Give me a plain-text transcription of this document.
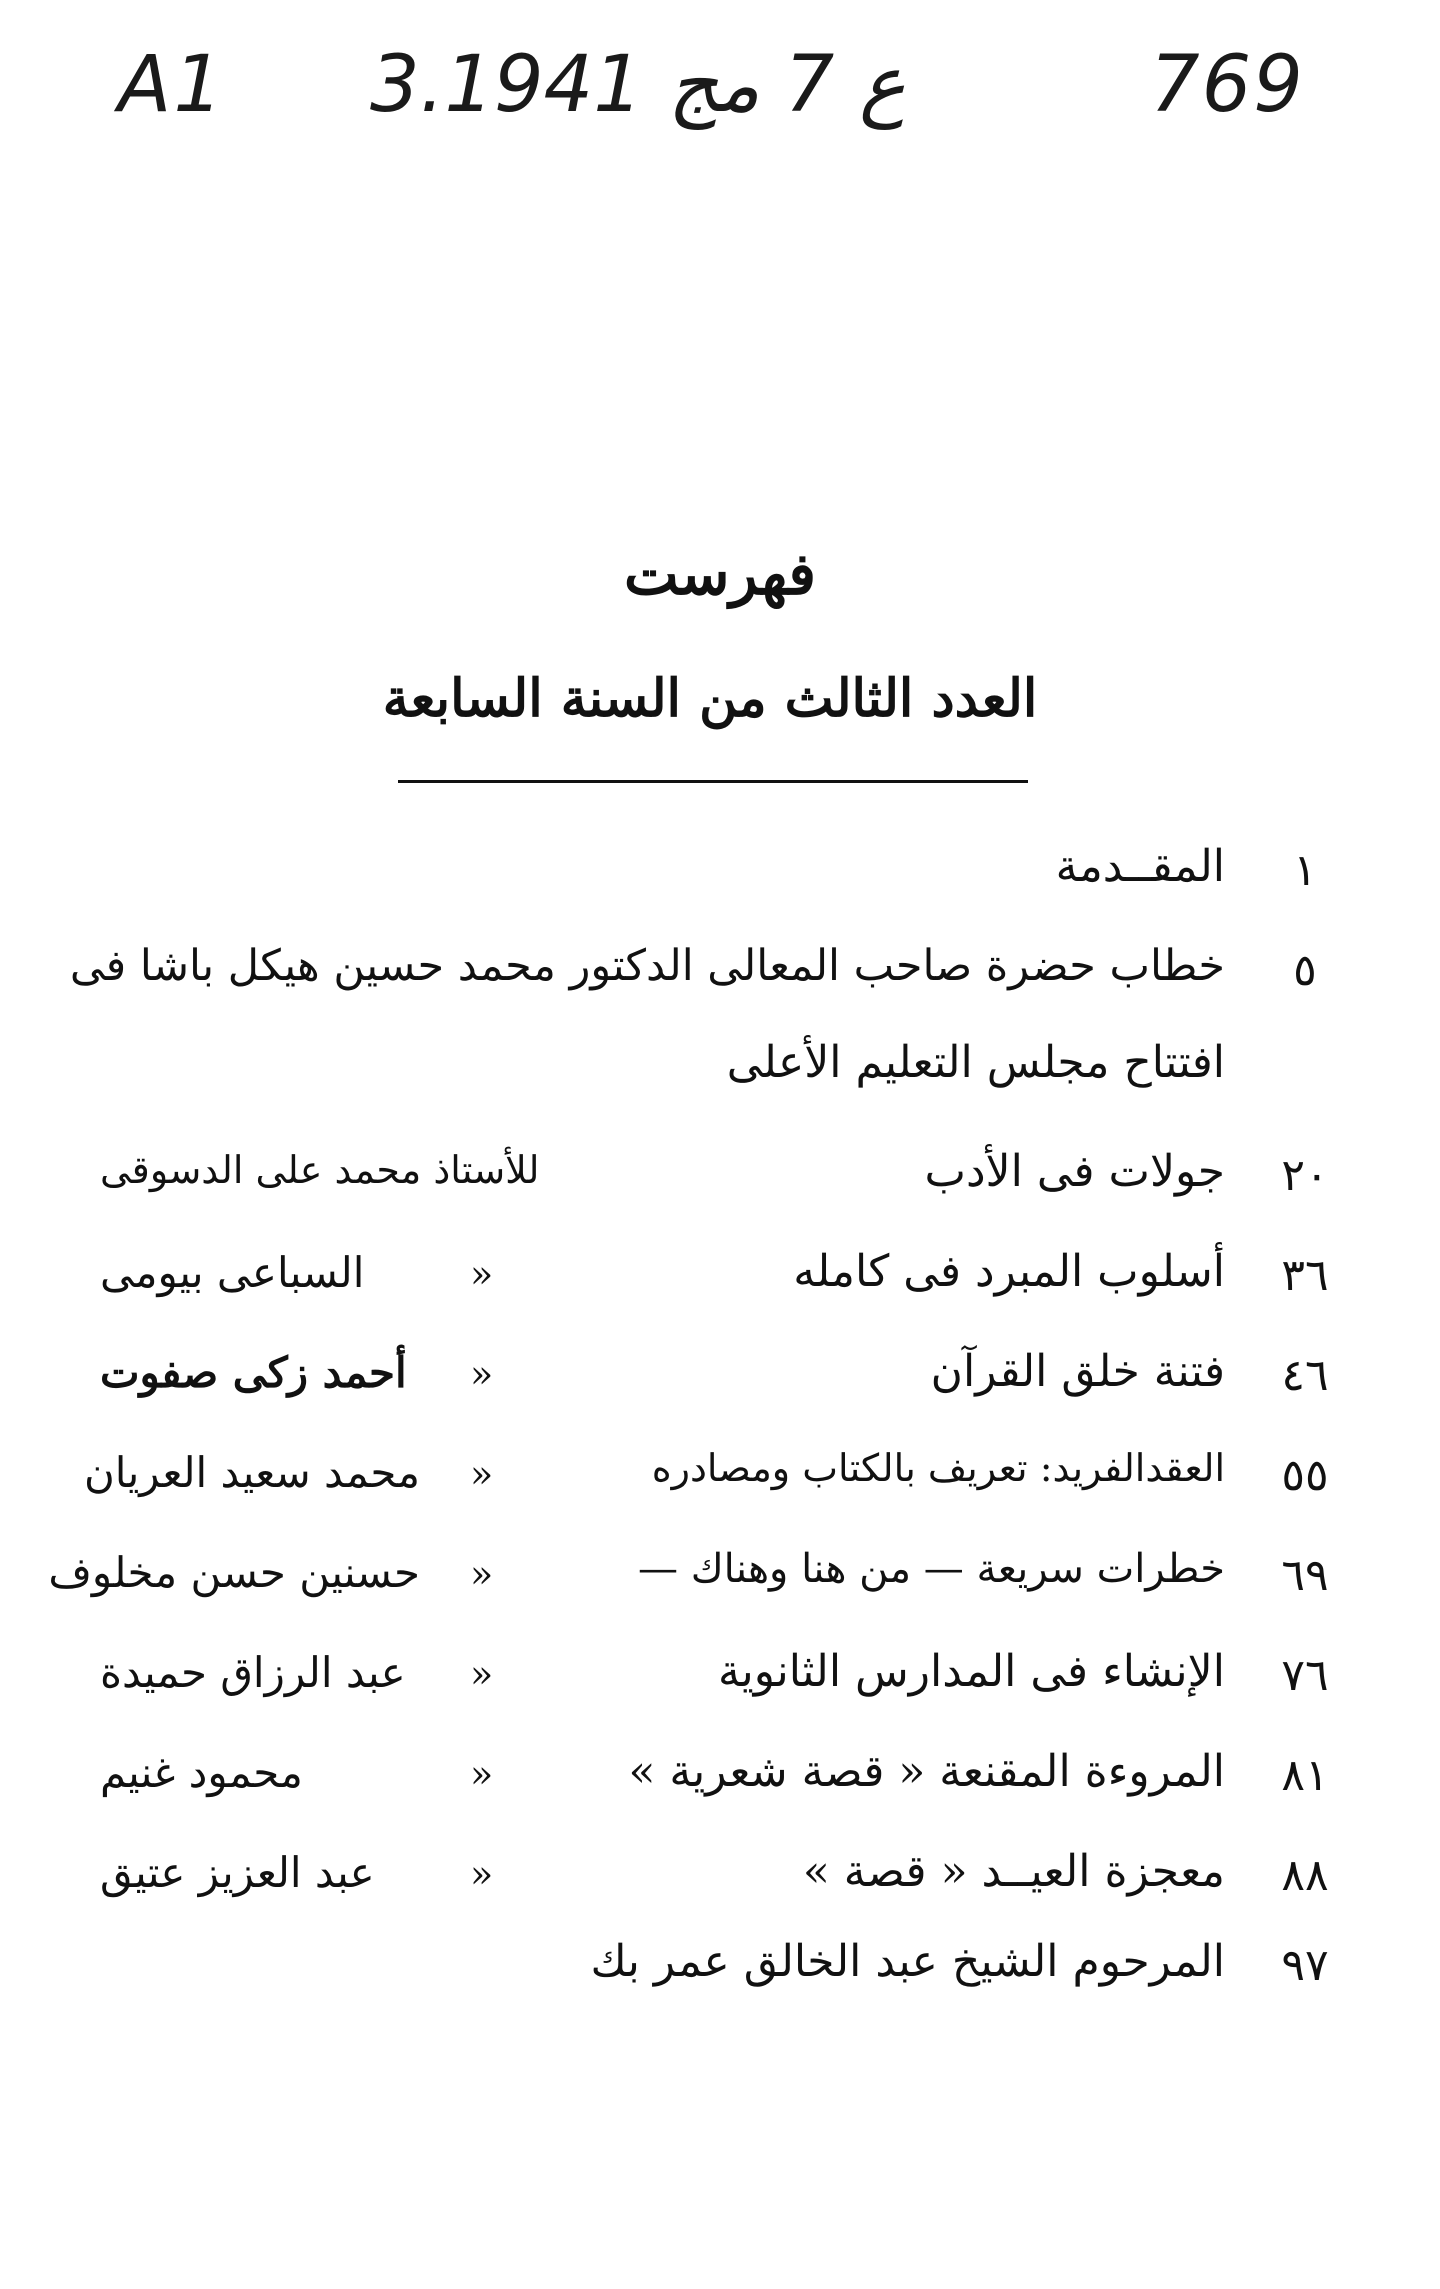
A1 3.ع 7 مج 1941	769
فهرست
العدد الثالث من السنة السابعة
١
المقــدمة
٥
خطاب حضرة صاحب المعالى الدكتور محمد حسين هيكل باشا فى
افتتاح مجلس التعليم الأعلى
٢٠
جولات فى الأدب
للأستاذ محمد على الدسوقى
٣٦
أسلوب المبرد فى كامله
«
السباعى بيومى
٤٦
فتنة خلق القرآن
«
أحمد زكى صفوت
٥٥
العقدالفريد: تعريف بالكتاب ومصادره
«
محمد سعيد العريان
٦٩
خطرات سريعة — من هنا وهناك —
«
حسنين حسن مخلوف
٧٦
الإنشاء فى المدارس الثانوية
«
عبد الرزاق حميدة
٨١
المروءة المقنعة « قصة شعرية »
«
محمود غنيم
٨٨
معجزة العيــد « قصة »
«
عبد العزيز عتيق
٩٧
المرحوم الشيخ عبد الخالق عمر بك
